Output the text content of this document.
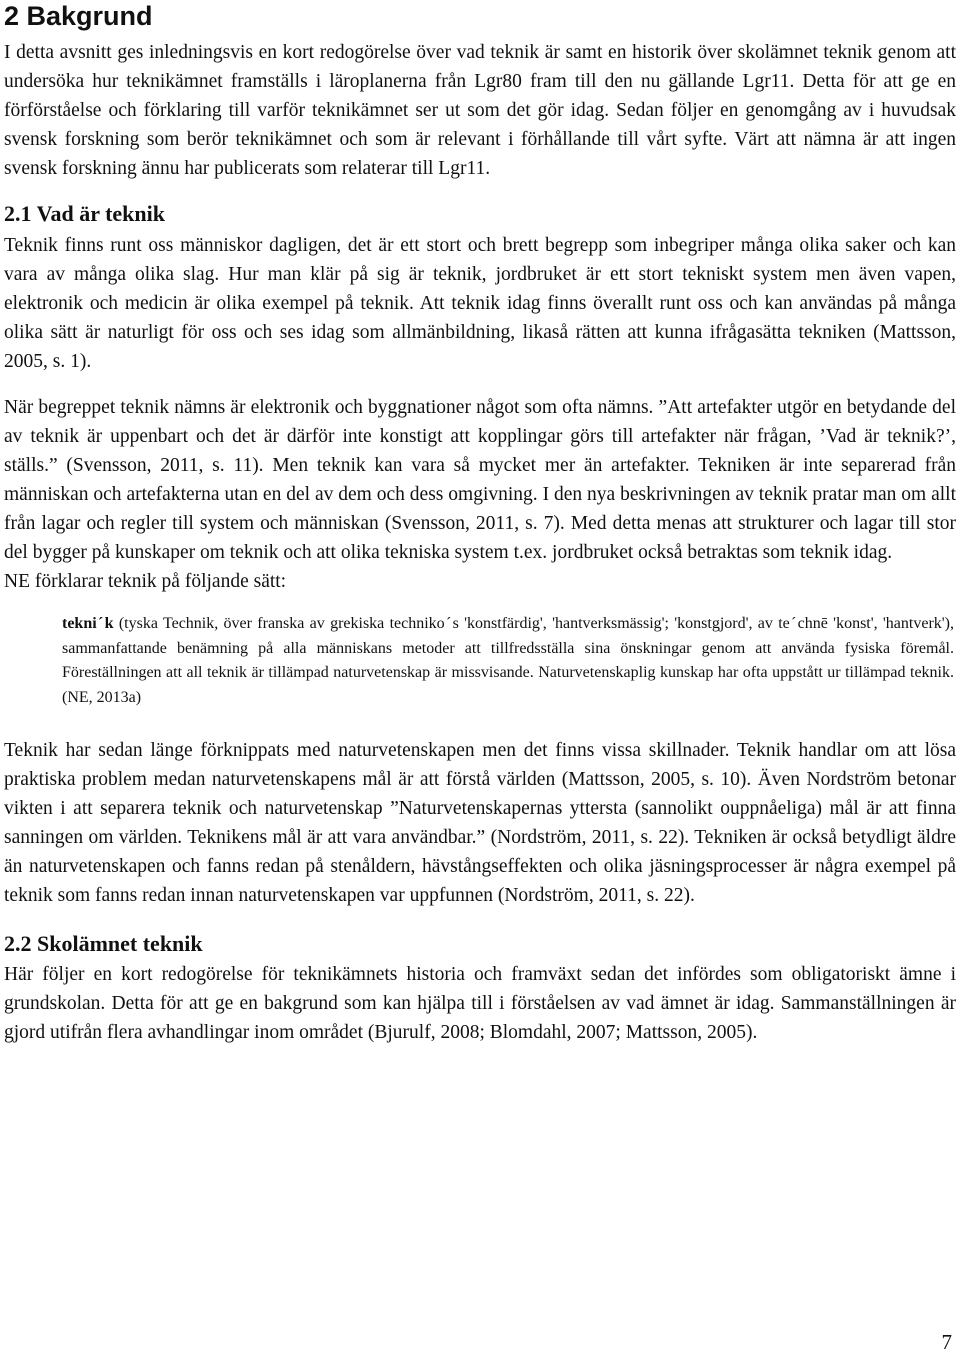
2 Bakgrund

I detta avsnitt ges inledningsvis en kort redogörelse över vad teknik är samt en historik över skolämnet teknik genom att undersöka hur teknikämnet framställs i läroplanerna från Lgr80 fram till den nu gällande Lgr11. Detta för att ge en förförståelse och förklaring till varför teknikämnet ser ut som det gör idag. Sedan följer en genomgång av i huvudsak svensk forskning som berör teknikämnet och som är relevant i förhållande till vårt syfte. Värt att nämna är att ingen svensk forskning ännu har publicerats som relaterar till Lgr11.

2.1 Vad är teknik

Teknik finns runt oss människor dagligen, det är ett stort och brett begrepp som inbegriper många olika saker och kan vara av många olika slag. Hur man klär på sig är teknik, jordbruket är ett stort tekniskt system men även vapen, elektronik och medicin är olika exempel på teknik. Att teknik idag finns överallt runt oss och kan användas på många olika sätt är naturligt för oss och ses idag som allmänbildning, likaså rätten att kunna ifrågasätta tekniken (Mattsson, 2005, s. 1).

När begreppet teknik nämns är elektronik och byggnationer något som ofta nämns. ”Att artefakter utgör en betydande del av teknik är uppenbart och det är därför inte konstigt att kopplingar görs till artefakter när frågan, ’Vad är teknik?’, ställs.” (Svensson, 2011, s. 11). Men teknik kan vara så mycket mer än artefakter. Tekniken är inte separerad från människan och artefakterna utan en del av dem och dess omgivning. I den nya beskrivningen av teknik pratar man om allt från lagar och regler till system och människan (Svensson, 2011, s. 7). Med detta menas att strukturer och lagar till stor del bygger på kunskaper om teknik och att olika tekniska system t.ex. jordbruket också betraktas som teknik idag.

NE förklarar teknik på följande sätt:

tekniˊk (tyska Technik, över franska av grekiska technikoˊs 'konstfärdig', 'hantverksmässig'; 'konstgjord', av teˊchnē 'konst', 'hantverk'), sammanfattande benämning på alla människans metoder att tillfredsställa sina önskningar genom att använda fysiska föremål. Föreställningen att all teknik är tillämpad naturvetenskap är missvisande. Naturvetenskaplig kunskap har ofta uppstått ur tillämpad teknik. (NE, 2013a)

Teknik har sedan länge förknippats med naturvetenskapen men det finns vissa skillnader. Teknik handlar om att lösa praktiska problem medan naturvetenskapens mål är att förstå världen (Mattsson, 2005, s. 10). Även Nordström betonar vikten i att separera teknik och naturvetenskap ”Naturvetenskapernas yttersta (sannolikt ouppnåeliga) mål är att finna sanningen om världen. Teknikens mål är att vara användbar.” (Nordström, 2011, s. 22). Tekniken är också betydligt äldre än naturvetenskapen och fanns redan på stenåldern, hävstångseffekten och olika jäsningsprocesser är några exempel på teknik som fanns redan innan naturvetenskapen var uppfunnen (Nordström, 2011, s. 22).

2.2 Skolämnet teknik

Här följer en kort redogörelse för teknikämnets historia och framväxt sedan det infördes som obligatoriskt ämne i grundskolan. Detta för att ge en bakgrund som kan hjälpa till i förståelsen av vad ämnet är idag. Sammanställningen är gjord utifrån flera avhandlingar inom området (Bjurulf, 2008; Blomdahl, 2007; Mattsson, 2005).

7
